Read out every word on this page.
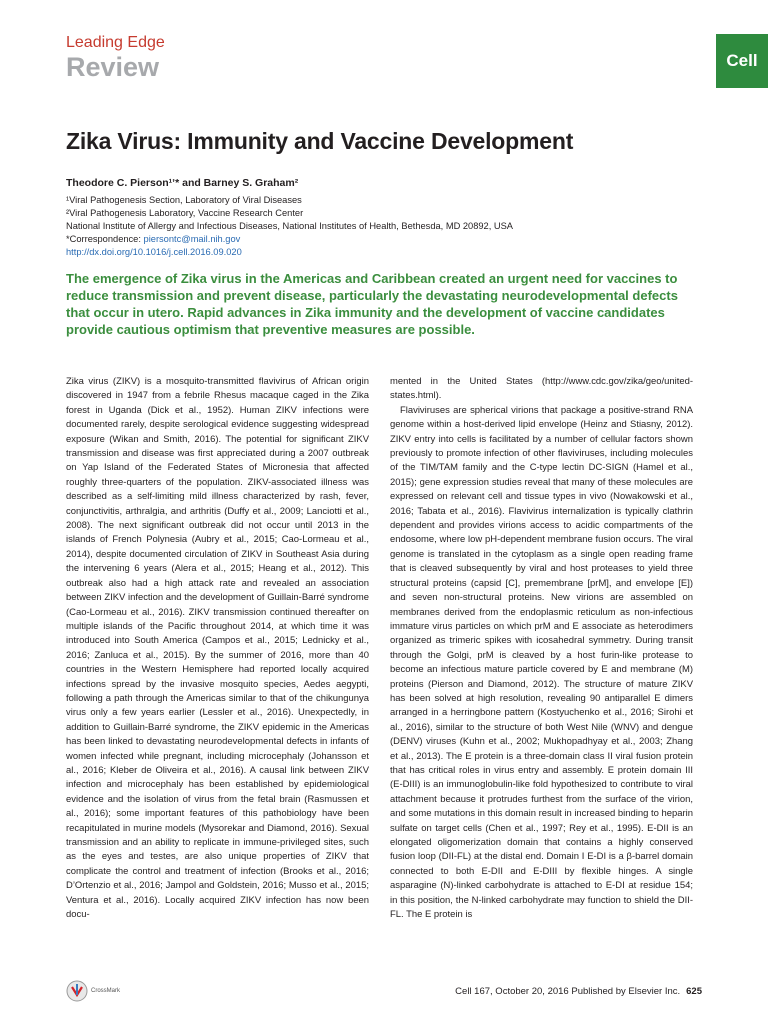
Leading Edge
Review	Cell
Zika Virus: Immunity and Vaccine Development
Theodore C. Pierson¹ʼ* and Barney S. Graham²
¹Viral Pathogenesis Section, Laboratory of Viral Diseases
²Viral Pathogenesis Laboratory, Vaccine Research Center
National Institute of Allergy and Infectious Diseases, National Institutes of Health, Bethesda, MD 20892, USA
*Correspondence: piersontc@mail.nih.gov
http://dx.doi.org/10.1016/j.cell.2016.09.020

The emergence of Zika virus in the Americas and Caribbean created an urgent need for vaccines to reduce transmission and prevent disease, particularly the devastating neurodevelopmental defects that occur in utero. Rapid advances in Zika immunity and the development of vaccine candidates provide cautious optimism that preventive measures are possible.

Zika virus (ZIKV) is a mosquito-transmitted flavivirus of African origin discovered in 1947 from a febrile Rhesus macaque caged in the Zika forest in Uganda (Dick et al., 1952). Human ZIKV infections were documented rarely, despite serological evidence suggesting widespread exposure (Wikan and Smith, 2016). The potential for significant ZIKV transmission and disease was first appreciated during a 2007 outbreak on Yap Island of the Federated States of Micronesia that affected roughly three-quarters of the population. ZIKV-associated illness was described as a self-limiting mild illness characterized by rash, fever, conjunctivitis, arthralgia, and arthritis (Duffy et al., 2009; Lanciotti et al., 2008). The next significant outbreak did not occur until 2013 in the islands of French Polynesia (Aubry et al., 2015; Cao-Lormeau et al., 2014), despite documented circulation of ZIKV in Southeast Asia during the intervening 6 years (Alera et al., 2015; Heang et al., 2012). This outbreak also had a high attack rate and revealed an association between ZIKV infection and the development of Guillain-Barré syndrome (Cao-Lormeau et al., 2016). ZIKV transmission continued thereafter on multiple islands of the Pacific throughout 2014, at which time it was introduced into South America (Campos et al., 2015; Lednicky et al., 2016; Zanluca et al., 2015). By the summer of 2016, more than 40 countries in the Western Hemisphere had reported locally acquired infections spread by the invasive mosquito species, Aedes aegypti, following a path through the Americas similar to that of the chikungunya virus only a few years earlier (Lessler et al., 2016). Unexpectedly, in addition to Guillain-Barré syndrome, the ZIKV epidemic in the Americas has been linked to devastating neurodevelopmental defects in infants of women infected while pregnant, including microcephaly (Johansson et al., 2016; Kleber de Oliveira et al., 2016). A causal link between ZIKV infection and microcephaly has been established by epidemiological evidence and the isolation of virus from the fetal brain (Rasmussen et al., 2016); some important features of this pathobiology have been recapitulated in murine models (Mysorekar and Diamond, 2016). Sexual transmission and an ability to replicate in immune-privileged sites, such as the eyes and testes, are also unique properties of ZIKV that complicate the control and treatment of infection (Brooks et al., 2016; D’Ortenzio et al., 2016; Jampol and Goldstein, 2016; Musso et al., 2015; Ventura et al., 2016). Locally acquired ZIKV infection has now been docu-

mented in the United States (http://www.cdc.gov/zika/geo/united-states.html).

Flaviviruses are spherical virions that package a positive-strand RNA genome within a host-derived lipid envelope (Heinz and Stiasny, 2012). ZIKV entry into cells is facilitated by a number of cellular factors shown previously to promote infection of other flaviviruses, including molecules of the TIM/TAM family and the C-type lectin DC-SIGN (Hamel et al., 2015); gene expression studies reveal that many of these molecules are expressed on relevant cell and tissue types in vivo (Nowakowski et al., 2016; Tabata et al., 2016). Flavivirus internalization is typically clathrin dependent and provides virions access to acidic compartments of the endosome, where low pH-dependent membrane fusion occurs. The viral genome is translated in the cytoplasm as a single open reading frame that is cleaved subsequently by viral and host proteases to yield three structural proteins (capsid [C], premembrane [prM], and envelope [E]) and seven non-structural proteins. New virions are assembled on membranes derived from the endoplasmic reticulum as non-infectious immature virus particles on which prM and E associate as heterodimers organized as trimeric spikes with icosahedral symmetry. During transit through the Golgi, prM is cleaved by a host furin-like protease to become an infectious mature particle covered by E and membrane (M) proteins (Pierson and Diamond, 2012). The structure of mature ZIKV has been solved at high resolution, revealing 90 antiparallel E dimers arranged in a herringbone pattern (Kostyuchenko et al., 2016; Sirohi et al., 2016), similar to the structure of both West Nile (WNV) and dengue (DENV) viruses (Kuhn et al., 2002; Mukhopadhyay et al., 2003; Zhang et al., 2013). The E protein is a three-domain class II viral fusion protein that has critical roles in virus entry and assembly. E protein domain III (E-DIII) is an immunoglobulin-like fold hypothesized to contribute to viral attachment because it protrudes furthest from the surface of the virion, and some mutations in this domain result in increased binding to heparin sulfate on target cells (Chen et al., 1997; Rey et al., 1995). E-DII is an elongated oligomerization domain that contains a highly conserved fusion loop (DII-FL) at the distal end. Domain I E-DI is a β-barrel domain connected to both E-DII and E-DIII by flexible hinges. A single asparagine (N)-linked carbohydrate is attached to E-DI at residue 154; in this position, the N-linked carbohydrate may function to shield the DII-FL. The E protein is

CrossMark	Cell 167, October 20, 2016 Published by Elsevier Inc. 625
